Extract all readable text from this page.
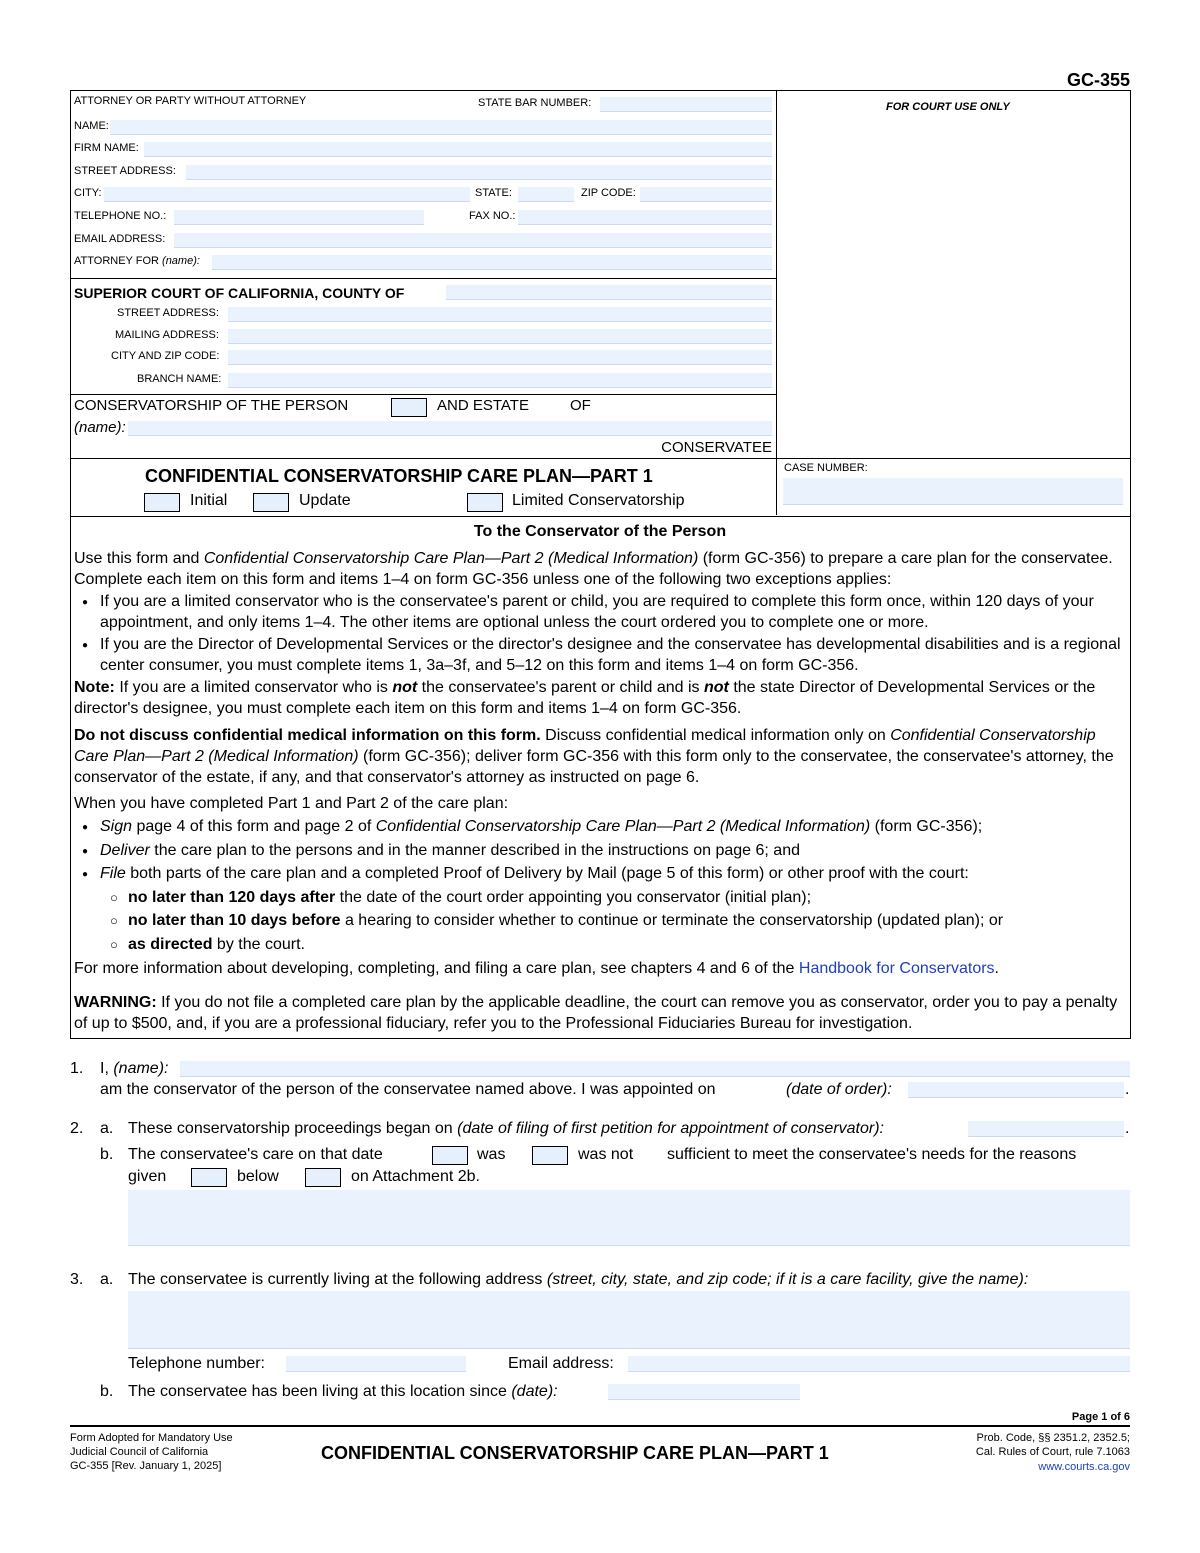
GC-355
ATTORNEY OR PARTY WITHOUT ATTORNEY	STATE BAR NUMBER:
NAME:
FIRM NAME:
STREET ADDRESS:
CITY:	STATE:	ZIP CODE:
TELEPHONE NO.:	FAX NO.:
EMAIL ADDRESS:
ATTORNEY FOR (name):
FOR COURT USE ONLY
SUPERIOR COURT OF CALIFORNIA, COUNTY OF
STREET ADDRESS:
MAILING ADDRESS:
CITY AND ZIP CODE:
BRANCH NAME:
CONSERVATORSHIP OF THE PERSON	AND ESTATE	OF
(name):
CONSERVATEE
CONFIDENTIAL CONSERVATORSHIP CARE PLAN—PART 1
Initial	Update	Limited Conservatorship
CASE NUMBER:
To the Conservator of the Person
Use this form and Confidential Conservatorship Care Plan—Part 2 (Medical Information) (form GC-356) to prepare a care plan for the conservatee. Complete each item on this form and items 1–4 on form GC-356 unless one of the following two exceptions applies:
● If you are a limited conservator who is the conservatee's parent or child, you are required to complete this form once, within 120 days of your appointment, and only items 1–4. The other items are optional unless the court ordered you to complete one or more.
● If you are the Director of Developmental Services or the director's designee and the conservatee has developmental disabilities and is a regional center consumer, you must complete items 1, 3a–3f, and 5–12 on this form and items 1–4 on form GC-356.
Note: If you are a limited conservator who is not the conservatee's parent or child and is not the state Director of Developmental Services or the director's designee, you must complete each item on this form and items 1–4 on form GC-356.
Do not discuss confidential medical information on this form. Discuss confidential medical information only on Confidential Conservatorship Care Plan—Part 2 (Medical Information) (form GC-356); deliver form GC-356 with this form only to the conservatee, the conservatee's attorney, the conservator of the estate, if any, and that conservator's attorney as instructed on page 6.
When you have completed Part 1 and Part 2 of the care plan:
● Sign page 4 of this form and page 2 of Confidential Conservatorship Care Plan—Part 2 (Medical Information) (form GC-356);
● Deliver the care plan to the persons and in the manner described in the instructions on page 6; and
● File both parts of the care plan and a completed Proof of Delivery by Mail (page 5 of this form) or other proof with the court:
○ no later than 120 days after the date of the court order appointing you conservator (initial plan);
○ no later than 10 days before a hearing to consider whether to continue or terminate the conservatorship (updated plan); or
○ as directed by the court.
For more information about developing, completing, and filing a care plan, see chapters 4 and 6 of the Handbook for Conservators.
WARNING: If you do not file a completed care plan by the applicable deadline, the court can remove you as conservator, order you to pay a penalty of up to $500, and, if you are a professional fiduciary, refer you to the Professional Fiduciaries Bureau for investigation.
1. I, (name):
am the conservator of the person of the conservatee named above. I was appointed on	(date of order):	.
2. a. These conservatorship proceedings began on (date of filing of first petition for appointment of conservator):	.
b. The conservatee's care on that date	was	was not sufficient to meet the conservatee's needs for the reasons
given	below	on Attachment 2b.
3. a. The conservatee is currently living at the following address (street, city, state, and zip code; if it is a care facility, give the name):
Telephone number:	Email address:
b. The conservatee has been living at this location since (date):
Page 1 of 6
Form Adopted for Mandatory Use
Judicial Council of California
GC-355 [Rev. January 1, 2025]
CONFIDENTIAL CONSERVATORSHIP CARE PLAN—PART 1
Prob. Code, §§ 2351.2, 2352.5;
Cal. Rules of Court, rule 7.1063
www.courts.ca.gov
